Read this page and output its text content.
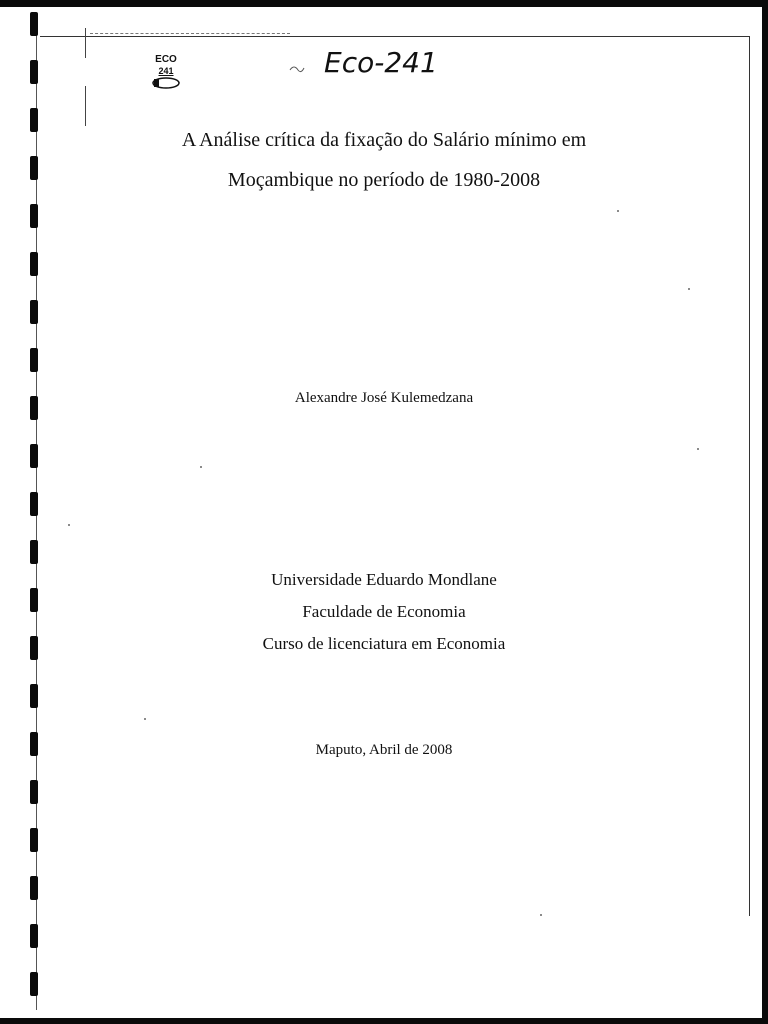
ECO
241	Eco-241
A Análise crítica da fixação do Salário mínimo em
Moçambique no período de 1980-2008
Alexandre José Kulemedzana
Universidade Eduardo Mondlane
Faculdade de Economia
Curso de licenciatura em Economia
Maputo, Abril de 2008
